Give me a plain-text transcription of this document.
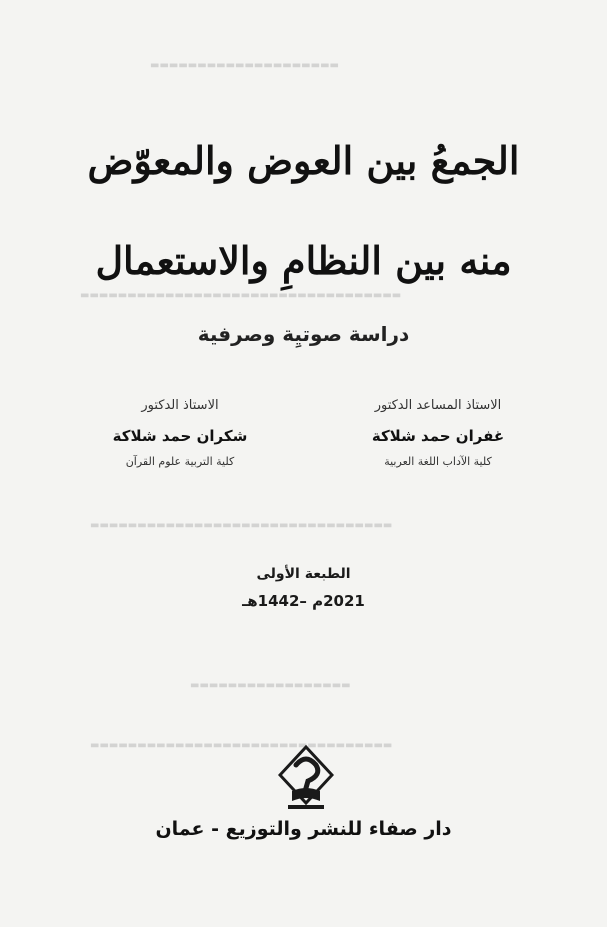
▬▬▬▬▬▬▬▬▬▬▬▬▬▬▬▬▬▬▬▬
▬▬▬▬▬▬▬▬▬▬▬▬▬▬▬▬▬▬▬▬▬▬▬▬▬▬▬▬▬▬▬▬▬▬
▬▬▬▬▬▬▬▬▬▬▬▬▬▬▬▬▬▬▬▬▬▬▬▬▬▬▬▬▬▬▬▬
▬▬▬▬▬▬▬▬▬▬▬▬▬▬▬▬▬
▬▬▬▬▬▬▬▬▬▬▬▬▬▬▬▬▬▬▬▬▬▬▬▬▬▬▬▬▬▬▬▬
الجمعُ بين العوض والمعوّض
منه بين النظامِ والاستعمال
دراسة صوتيِة وصرفية
الاستاذ المساعد الدكتور
غفران حمد شلاكة
كلية الآداب اللغة العربية
الاستاذ الدكتور
شكران حمد شلاكة
كلية التربية علوم القرآن
الطبعة الأولى
2021م –1442هـ
دار صفاء للنشر والتوزيع - عمان
